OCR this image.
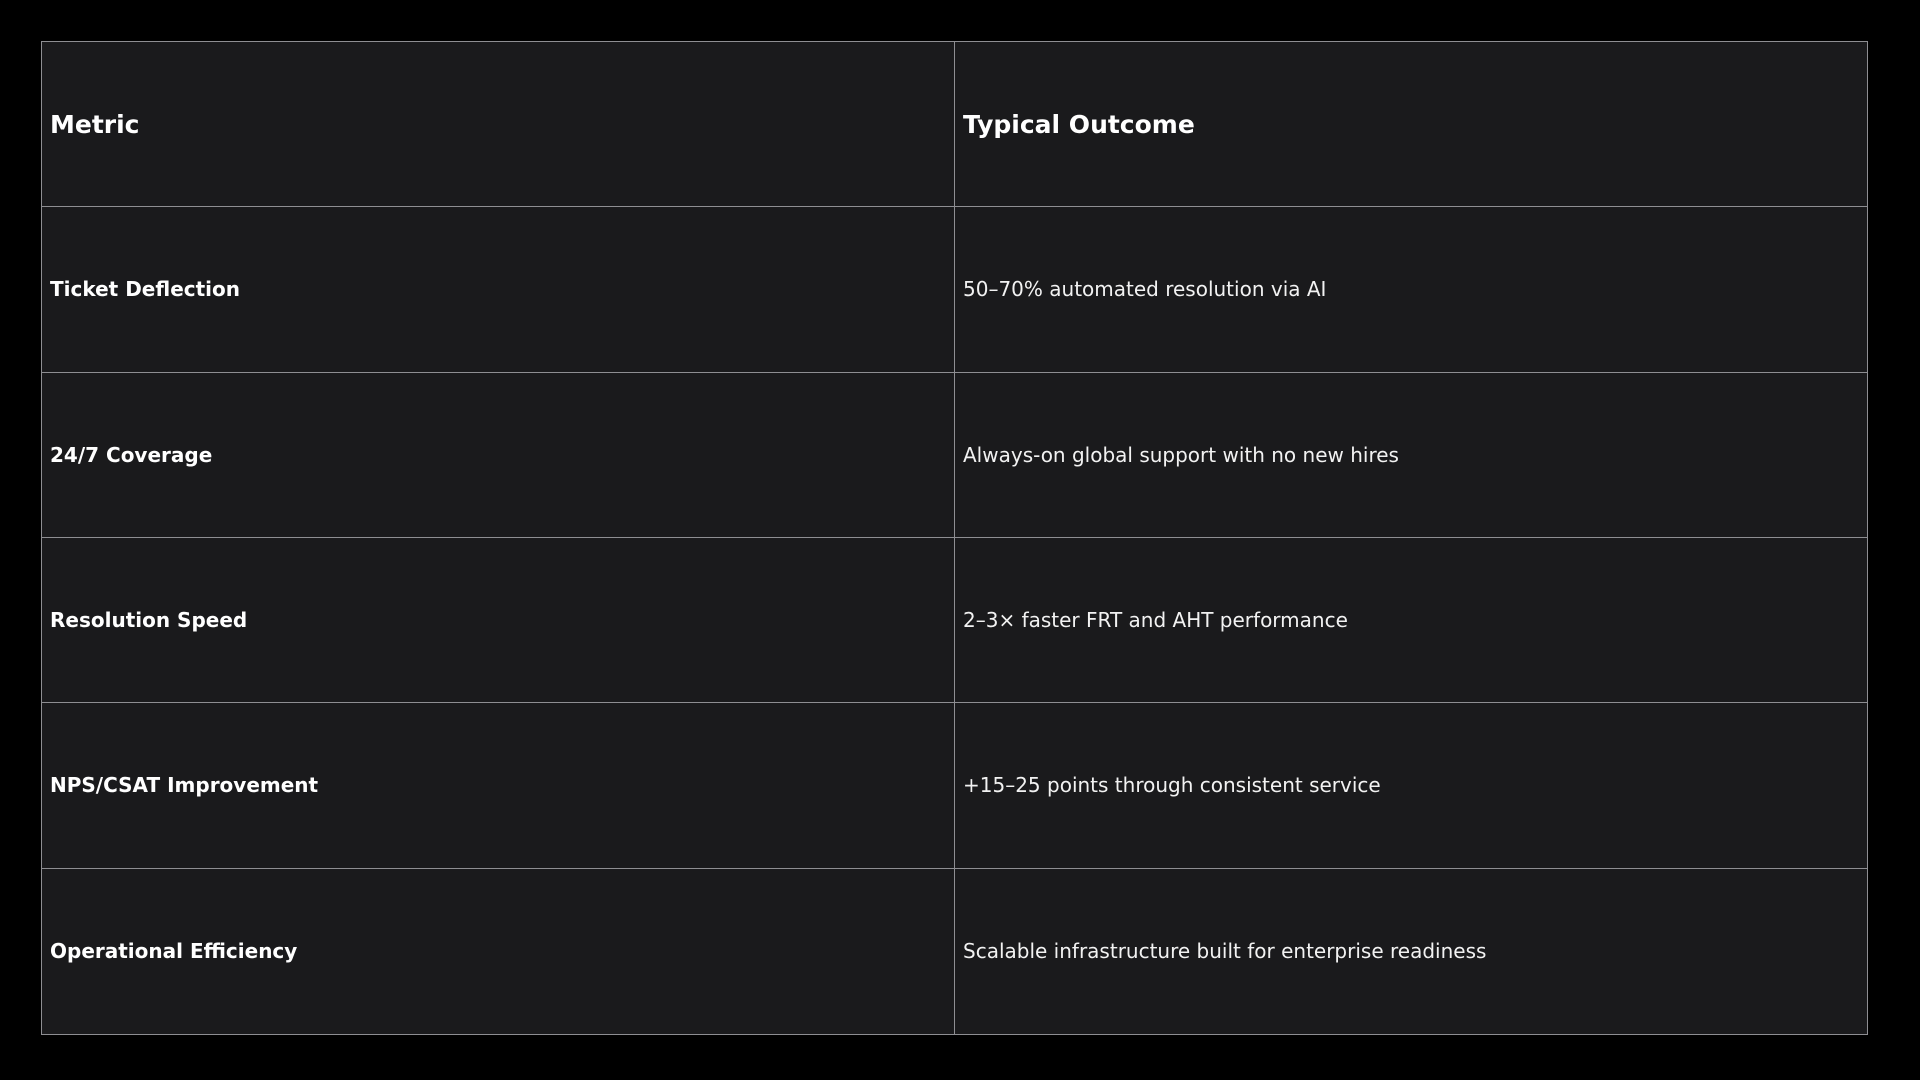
Metric	Typical Outcome
Ticket Deflection	50–70% automated resolution via AI
24/7 Coverage	Always-on global support with no new hires
Resolution Speed	2–3× faster FRT and AHT performance
NPS/CSAT Improvement	+15–25 points through consistent service
Operational Efficiency	Scalable infrastructure built for enterprise readiness
